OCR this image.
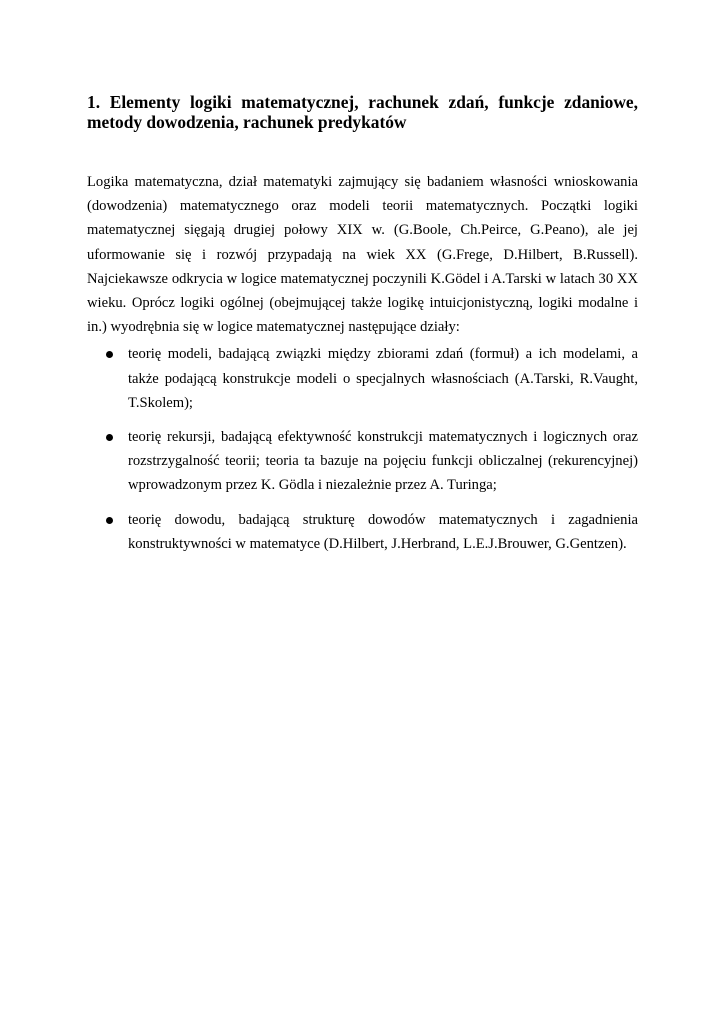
1. Elementy logiki matematycznej, rachunek zdań, funkcje zdaniowe, metody dowodzenia, rachunek predykatów

Logika matematyczna, dział matematyki zajmujący się badaniem własności wnioskowania (dowodzenia) matematycznego oraz modeli teorii matematycznych. Początki logiki matematycznej sięgają drugiej połowy XIX w. (G.Boole, Ch.Peirce, G.Peano), ale jej uformowanie się i rozwój przypadają na wiek XX (G.Frege, D.Hilbert, B.Russell). Najciekawsze odkrycia w logice matematycznej poczynili K.Gödel i A.Tarski w latach 30 XX wieku. Oprócz logiki ogólnej (obejmującej także logikę intuicjonistyczną, logiki modalne i in.) wyodrębnia się w logice matematycznej następujące działy:

teorię modeli, badającą związki między zbiorami zdań (formuł) a ich modelami, a także podającą konstrukcje modeli o specjalnych własnościach (A.Tarski, R.Vaught, T.Skolem);
teorię rekursji, badającą efektywność konstrukcji matematycznych i logicznych oraz rozstrzygalność teorii; teoria ta bazuje na pojęciu funkcji obliczalnej (rekurencyjnej) wprowadzonym przez K. Gödla i niezależnie przez A. Turinga;
teorię dowodu, badającą strukturę dowodów matematycznych i zagadnienia konstruktywności w matematyce (D.Hilbert, J.Herbrand, L.E.J.Brouwer, G.Gentzen).
